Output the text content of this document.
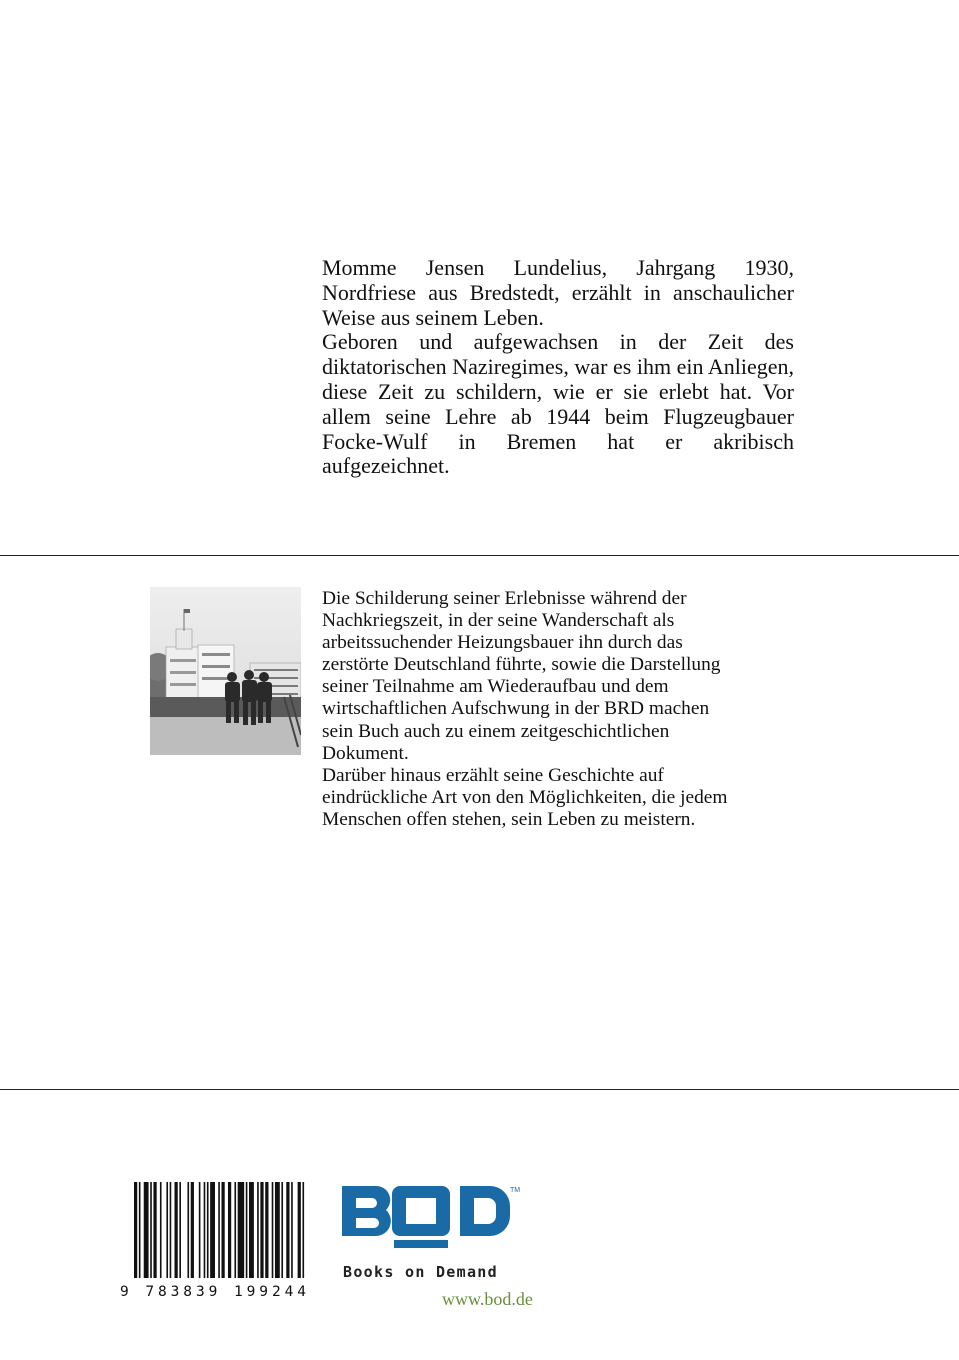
Momme Jensen Lundelius, Jahrgang 1930, Nordfriese aus Bredstedt, erzählt in anschaulicher Weise aus seinem Leben.

Geboren und aufgewachsen in der Zeit des diktatorischen Naziregimes, war es ihm ein Anliegen, diese Zeit zu schildern, wie er sie erlebt hat. Vor allem seine Lehre ab 1944 beim Flugzeugbauer Focke-Wulf in Bremen hat er akribisch aufgezeichnet.

Die Schilderung seiner Erlebnisse während der
Nachkriegszeit, in der seine Wanderschaft als
arbeitssuchender Heizungsbauer ihn durch das
zerstörte Deutschland führte, sowie die Darstellung
seiner Teilnahme am Wiederaufbau und dem
wirtschaftlichen Aufschwung in der BRD machen
sein Buch auch zu einem zeitgeschichtlichen
Dokument.

Darüber hinaus erzählt seine Geschichte auf
eindrückliche Art von den Möglichkeiten, die jedem
Menschen offen stehen, sein Leben zu meistern.

9 783839 199244
TM
Books on Demand
www.bod.de
